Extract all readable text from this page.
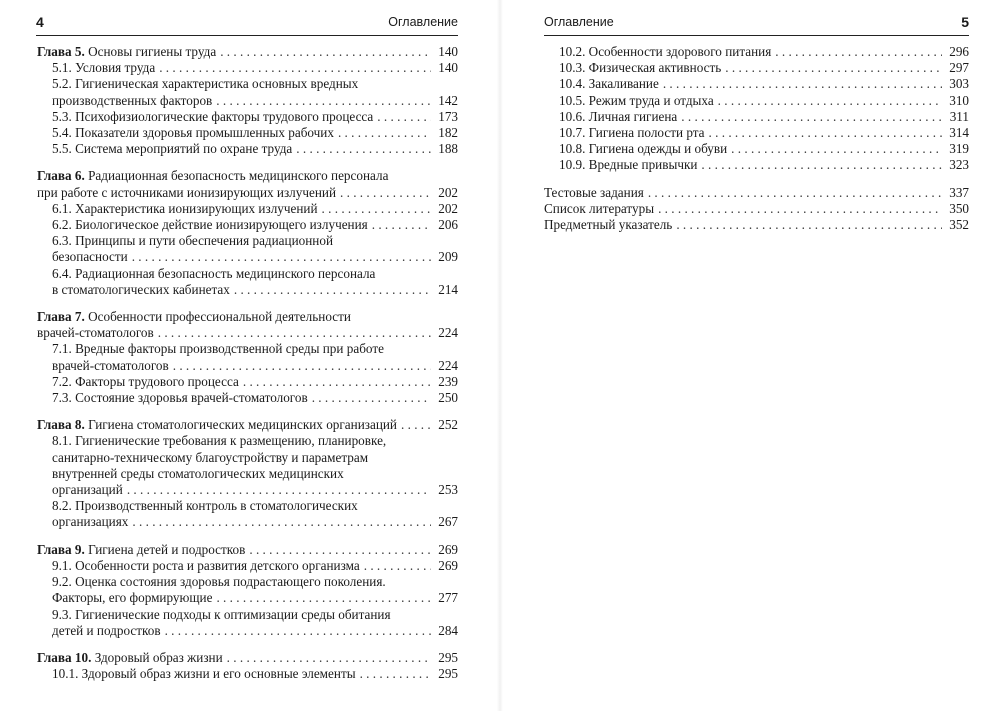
4	Оглавление
Глава 5. Основы гигиены труда . . .	140
5.1. Условия труда . . .	140
5.2. Гигиеническая характеристика основных вредных
производственных факторов . . .	142
5.3. Психофизиологические факторы трудового процесса . . .	173
5.4. Показатели здоровья промышленных рабочих . . .	182
5.5. Система мероприятий по охране труда . . .	188
Глава 6. Радиационная безопасность медицинского персонала
при работе с источниками ионизирующих излучений . . .	202
6.1. Характеристика ионизирующих излучений . . .	202
6.2. Биологическое действие ионизирующего излучения . . .	206
6.3. Принципы и пути обеспечения радиационной
безопасности . . .	209
6.4. Радиационная безопасность медицинского персонала
в стоматологических кабинетах . . .	214
Глава 7. Особенности профессиональной деятельности
врачей-стоматологов . . .	224
7.1. Вредные факторы производственной среды при работе
врачей-стоматологов . . .	224
7.2. Факторы трудового процесса . . .	239
7.3. Состояние здоровья врачей-стоматологов . . .	250
Глава 8. Гигиена стоматологических медицинских организаций . . .	252
8.1. Гигиенические требования к размещению, планировке,
санитарно-техническому благоустройству и параметрам
внутренней среды стоматологических медицинских
организаций . . .	253
8.2. Производственный контроль в стоматологических
организациях . . .	267
Глава 9. Гигиена детей и подростков . . .	269
9.1. Особенности роста и развития детского организма . . .	269
9.2. Оценка состояния здоровья подрастающего поколения.
Факторы, его формирующие . . .	277
9.3. Гигиенические подходы к оптимизации среды обитания
детей и подростков . . .	284
Глава 10. Здоровый образ жизни . . .	295
10.1. Здоровый образ жизни и его основные элементы . . .	295
Оглавление	5
10.2. Особенности здорового питания . . .	296
10.3. Физическая активность . . .	297
10.4. Закаливание . . .	303
10.5. Режим труда и отдыха . . .	310
10.6. Личная гигиена . . .	311
10.7. Гигиена полости рта . . .	314
10.8. Гигиена одежды и обуви . . .	319
10.9. Вредные привычки . . .	323
Тестовые задания . . .	337
Список литературы . . .	350
Предметный указатель . . .	352
